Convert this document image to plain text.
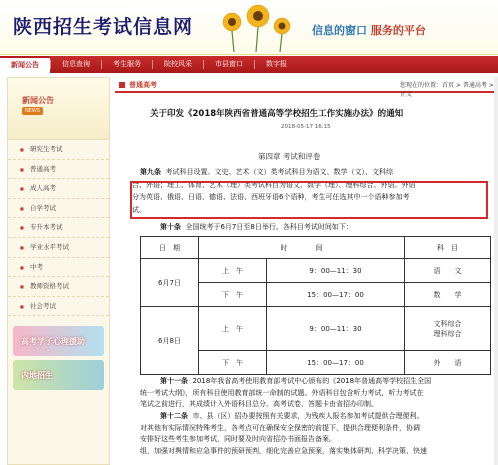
陕西招生考试信息网	信息的窗口 服务的平台
新闻公告	信息查询	考生服务	院校风采	市县窗口	数字报
新闻公告
NEWS
■ 研究生考试
■ 普通高考
■ 成人高考
■ 自学考试
■ 专升本考试
■ 学业水平考试
■ 中考
■ 教师资格考试
■ 社会考试
高考学子心理援助
内地招生
普通高考	您现在的位置：首页 > 普通高考 > 正文
关于印发《2018年陕西省普通高等学校招生工作实施办法》的通知
2018-05-17 16:15
第四章 考试和评卷
第九条 考试科目设置。文史、艺术（文）类考试科目为语文、数学（文）、文科综
合、外语；理工、体育、艺术（理）类考试科目为语文、数学（理）、理科综合、外语。外语
分为英语、俄语、日语、德语、法语、西班牙语6个语种，考生可任选其中一个语种参加考
试。
第十条 全国统考于6月7日至8日举行。各科目考试时间如下：
日　期	时　　　　间		科　目
6月7日	上　午	9：00—11：30	语　　文
	下　午	15：00—17：00	数　　学
6月8日	上　午	9：00—11：30	文科综合
理科综合
	下　午	15：00—17：00	外　　语
第十一条 2018年我省高考使用教育部考试中心颁布的《2018年普通高等学校招生全国
统一考试大纲》，所有科目使用教育部统一命制的试题。外语科目包含听力考试，听力考试在
笔试之前进行，其成绩计入外语科目总分。高考试卷、答题卡由省招办印制。
第十二条 市、县（区）招办要按照有关要求，为残疾人报名参加考试提供合理便利。
对其他有实际情况特殊考生，各考点可在确保安全保密的前提下，提供合理便利条件，协调
安排好这些考生参加考试，同时要及时向省招办书面报告备案。
组，加强对舆情和应急事件的预研预判，细化完善应急预案，落实集体研判、科学决策、快速
